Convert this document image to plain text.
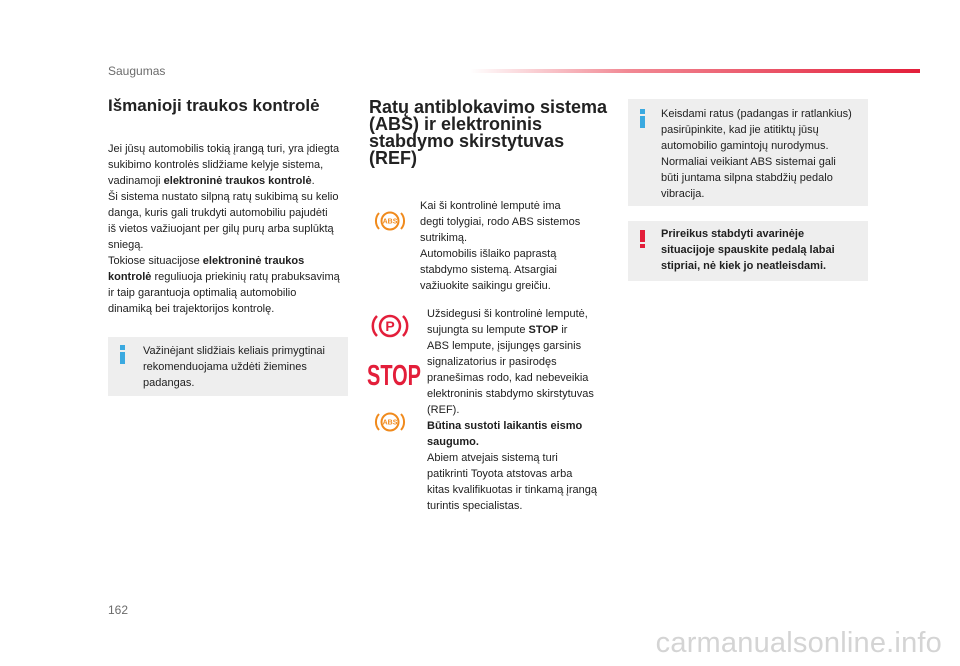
Saugumas
Išmanioji traukos kontrolė
Jei jūsų automobilis tokią įrangą turi, yra įdiegta
sukibimo kontrolės slidžiame kelyje sistema,
vadinamoji elektroninė traukos kontrolė.
Ši sistema nustato silpną ratų sukibimą su kelio
danga, kuris gali trukdyti automobiliu pajudėti
iš vietos važiuojant per gilų purų arba suplūktą
sniegą.
Tokiose situacijose elektroninė traukos
kontrolė reguliuoja priekinių ratų prabuksavimą
ir taip garantuoja optimalią automobilio
dinamiką bei trajektorijos kontrolę.
Važinėjant slidžiais keliais primygtinai
rekomenduojama uždėti žiemines
padangas.
Ratų antiblokavimo sistema
(ABS) ir elektroninis
stabdymo skirstytuvas
(REF)
ABS
Kai ši kontrolinė lemputė ima
degti tolygiai, rodo ABS sistemos
sutrikimą.
Automobilis išlaiko paprastą
stabdymo sistemą. Atsargiai
važiuokite saikingu greičiu.
P
STOP
ABS
Užsidegusi ši kontrolinė lemputė,
sujungta su lempute STOP ir
ABS lempute, įsijungęs garsinis
signalizatorius ir pasirodęs
pranešimas rodo, kad nebeveikia
elektroninis stabdymo skirstytuvas
(REF).
Būtina sustoti laikantis eismo
saugumo.
Abiem atvejais sistemą turi
patikrinti Toyota atstovas arba
kitas kvalifikuotas ir tinkamą įrangą
turintis specialistas.
Keisdami ratus (padangas ir ratlankius)
pasirūpinkite, kad jie atitiktų jūsų
automobilio gamintojų nurodymus.
Normaliai veikiant ABS sistemai gali
būti juntama silpna stabdžių pedalo
vibracija.
Prireikus stabdyti avarinėje
situacijoje spauskite pedalą labai
stipriai, nė kiek jo neatleisdami.
162
carmanualsonline.info
